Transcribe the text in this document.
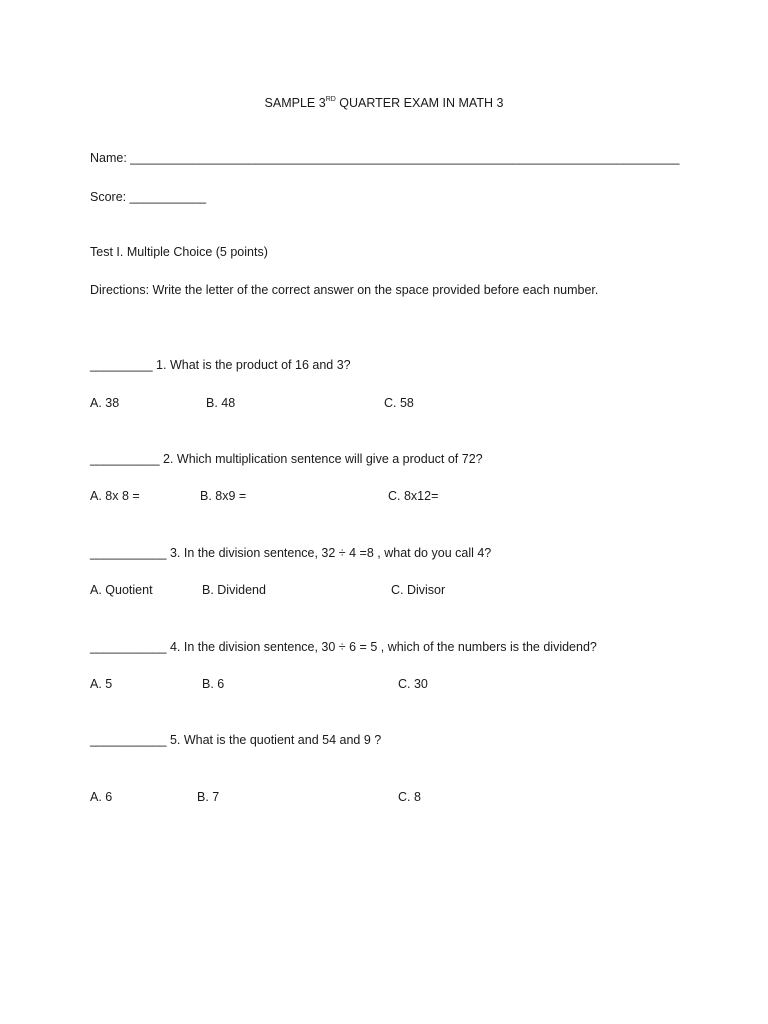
SAMPLE 3RD QUARTER EXAM IN MATH 3
Name: _______________________________________________________________________________
Score: ___________
Test I. Multiple Choice (5 points)
Directions: Write the letter of the correct answer on the space provided before each number.
_________ 1. What is the product of 16 and 3?
A. 38	B. 48	C. 58
__________ 2. Which multiplication sentence will give a product of 72?
A. 8x 8 =	B. 8x9 =	C. 8x12=
___________ 3. In the division sentence, 32 ÷ 4 =8 , what do you call 4?
A. Quotient	B. Dividend	C. Divisor
___________ 4. In the division sentence, 30 ÷ 6 = 5 , which of the numbers is the dividend?
A. 5	B. 6	C. 30
___________ 5. What is the quotient and 54 and 9 ?
A. 6	B. 7	C. 8
